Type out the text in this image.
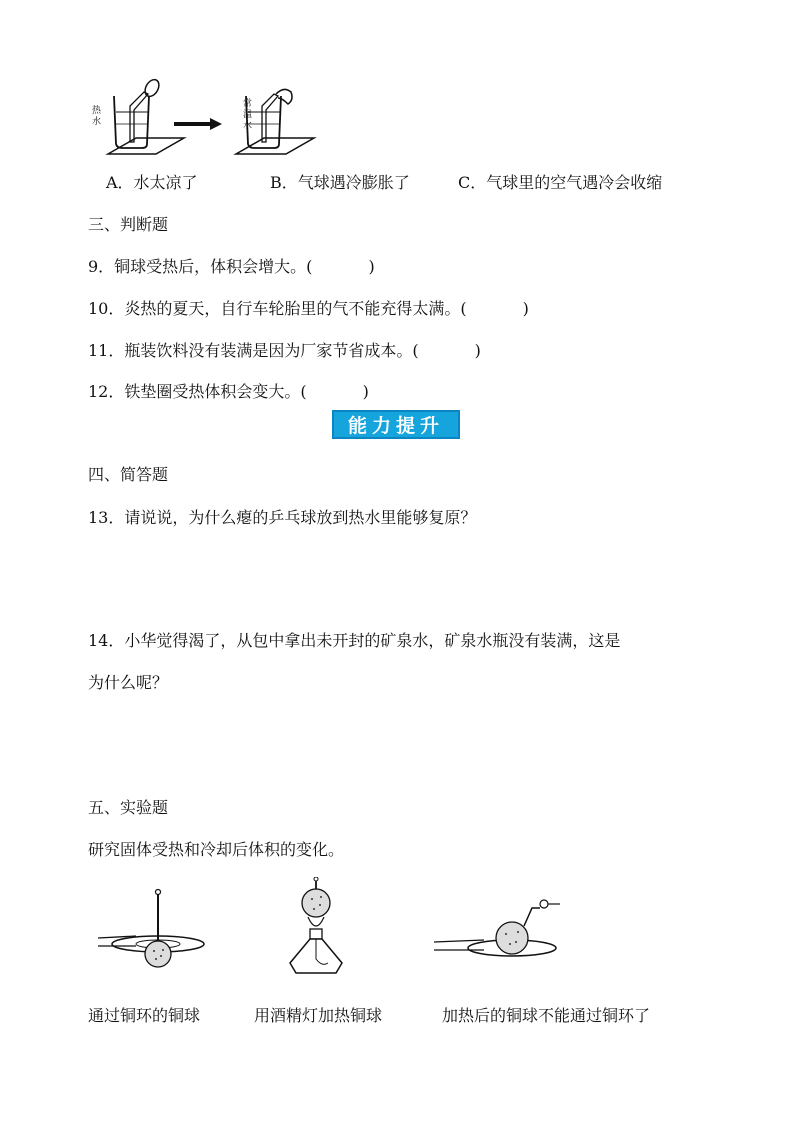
热水
常温水
A．水太凉了	B．气球遇冷膨胀了	C．气球里的空气遇冷会收缩
三、判断题
9．铜球受热后，体积会增大。(	)
10．炎热的夏天，自行车轮胎里的气不能充得太满。(	)
11．瓶装饮料没有装满是因为厂家节省成本。(	)
12．铁垫圈受热体积会变大。(	)
能力提升
四、简答题
13．请说说，为什么瘪的乒乓球放到热水里能够复原？
14．小华觉得渴了，从包中拿出未开封的矿泉水，矿泉水瓶没有装满，这是
为什么呢？
五、实验题
研究固体受热和冷却后体积的变化。
通过铜环的铜球	用酒精灯加热铜球	加热后的铜球不能通过铜环了
